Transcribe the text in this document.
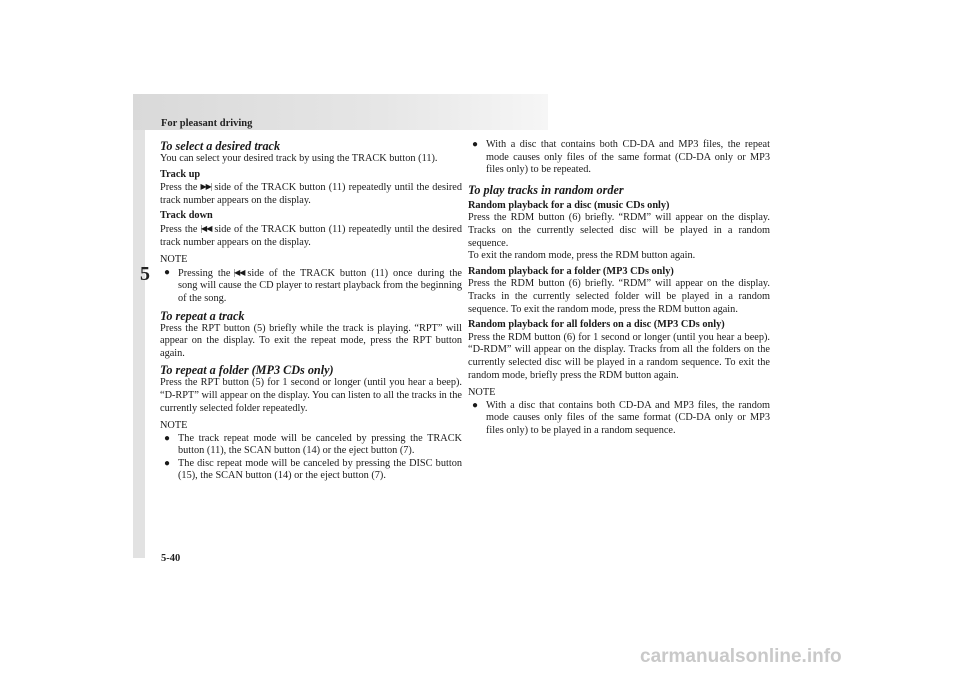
For pleasant driving
5
To select a desired track

You can select your desired track by using the TRACK button (11).

Track up

Press the ▶▶| side of the TRACK button (11) repeatedly until the desired track number appears on the display.

Track down

Press the |◀◀ side of the TRACK button (11) repeatedly until the desired track number appears on the display.

NOTE
● Pressing the |◀◀ side of the TRACK button (11) once during the song will cause the CD player to restart playback from the beginning of the song.
To repeat a track

Press the RPT button (5) briefly while the track is playing. “RPT” will appear on the display. To exit the repeat mode, press the RPT button again.

To repeat a folder (MP3 CDs only)

Press the RPT button (5) for 1 second or longer (until you hear a beep). “D-RPT” will appear on the display. You can listen to all the tracks in the currently selected folder repeatedly.

NOTE
● The track repeat mode will be canceled by pressing the TRACK button (11), the SCAN button (14) or the eject button (7).
● The disc repeat mode will be canceled by pressing the DISC button (15), the SCAN button (14) or the eject button (7).
● With a disc that contains both CD-DA and MP3 files, the repeat mode causes only files of the same format (CD-DA only or MP3 files only) to be repeated.
To play tracks in random order
Random playback for a disc (music CDs only)

Press the RDM button (6) briefly. “RDM” will appear on the display. Tracks on the currently selected disc will be played in a random sequence.

To exit the random mode, press the RDM button again.

Random playback for a folder (MP3 CDs only)

Press the RDM button (6) briefly. “RDM” will appear on the display. Tracks in the currently selected folder will be played in a random sequence. To exit the random mode, press the RDM button again.

Random playback for all folders on a disc (MP3 CDs only)

Press the RDM button (6) for 1 second or longer (until you hear a beep). “D-RDM” will appear on the display. Tracks from all the folders on the currently selected disc will be played in a random sequence. To exit the random mode, briefly press the RDM button again.

NOTE
● With a disc that contains both CD-DA and MP3 files, the random mode causes only files of the same format (CD-DA only or MP3 files only) to be played in a random sequence.
5-40
carmanualsonline.info
